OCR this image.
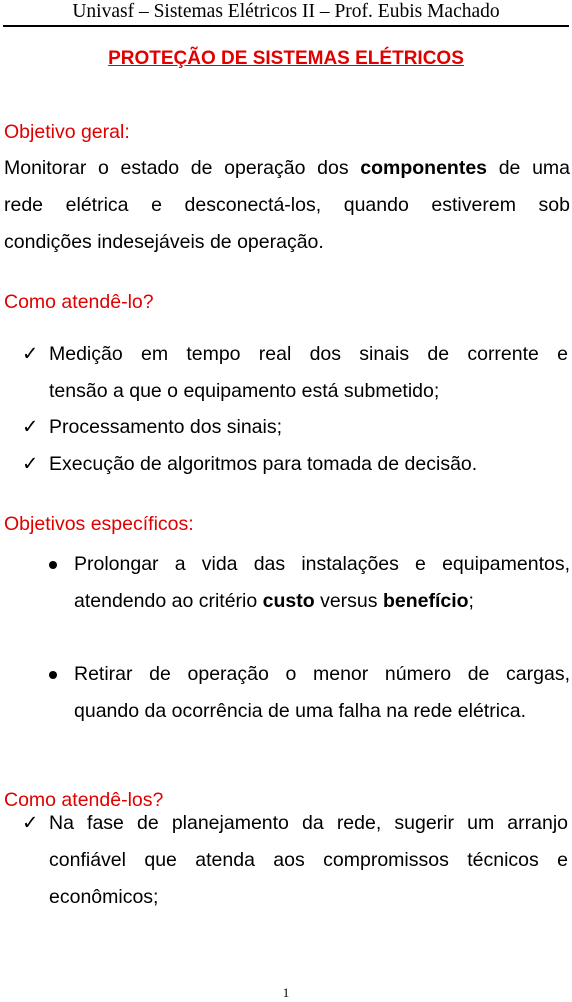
Univasf – Sistemas Elétricos II – Prof. Eubis Machado
PROTEÇÃO DE SISTEMAS ELÉTRICOS
Objetivo geral:
Monitorar o estado de operação dos componentes de uma
rede elétrica e desconectá-los, quando estiverem sob
condições indesejáveis de operação.
Como atendê-lo?
✓ Medição em tempo real dos sinais de corrente e
tensão a que o equipamento está submetido;
✓ Processamento dos sinais;
✓ Execução de algoritmos para tomada de decisão.
Objetivos específicos:
Prolongar a vida das instalações e equipamentos,
atendendo ao critério custo versus benefício;
Retirar de operação o menor número de cargas,
quando da ocorrência de uma falha na rede elétrica.
Como atendê-los?
✓ Na fase de planejamento da rede, sugerir um arranjo
confiável que atenda aos compromissos técnicos e
econômicos;
1
